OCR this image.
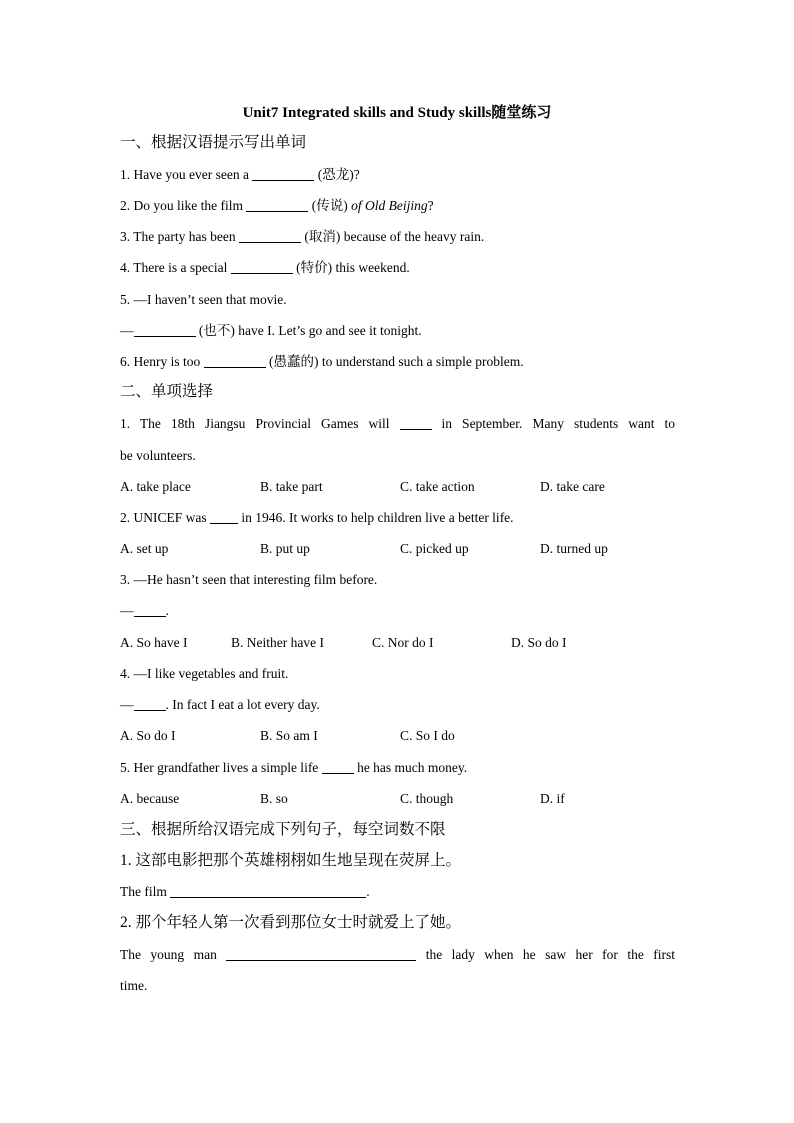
Unit7 Integrated skills and Study skills随堂练习
一、根据汉语提示写出单词
1. Have you ever seen a	(恐龙)?
2. Do you like the film	(传说) of Old Beijing?
3. The party has been	(取消) because of the heavy rain.
4. There is a special	(特价) this weekend.
5. —I haven’t seen that movie.
—	(也不) have I. Let’s go and see it tonight.
6. Henry is too	(愚蠢的) to understand such a simple problem.
二、单项选择
1. The 18th Jiangsu Provincial Games will  in September. Many students want to
be volunteers.
A. take place	B. take part	C. take action	D. take care
2. UNICEF was  in 1946. It works to help children live a better life.
A. set up	B. put up	C. picked up	D. turned up
3. —He hasn’t seen that interesting film before.
— .
A. So have I	B. Neither have I	C. Nor do I	D. So do I
4. —I like vegetables and fruit.
— . In fact I eat a lot every day.
A. So do I	B. So am I	C. So I do
5. Her grandfather lives a simple life  he has much money.
A. because	B. so	C. though	D. if
三、根据所给汉语完成下列句子，每空词数不限
1. 这部电影把那个英雄栩栩如生地呈现在荧屏上。
The film	.
2. 那个年轻人第一次看到那位女士时就爱上了她。
The young man	the lady when he saw her for the first
time.
